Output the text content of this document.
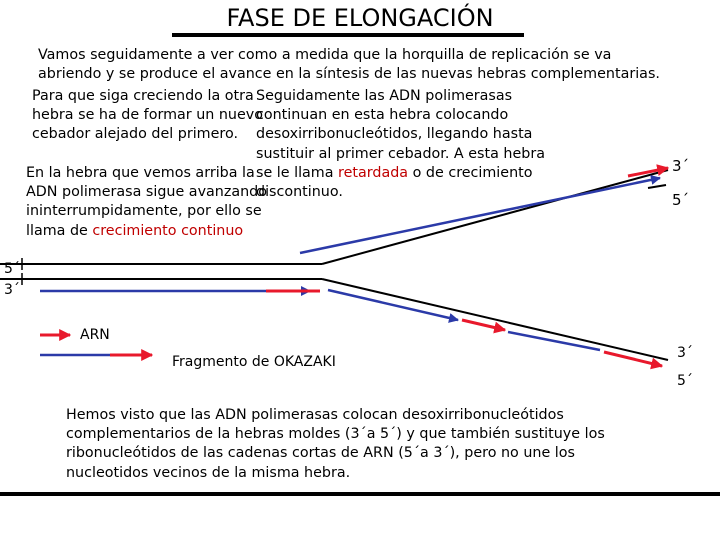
FASE DE ELONGACIÓN
Vamos seguidamente a ver como a medida que la horquilla de replicación se va
abriendo y se produce el avance en la síntesis de las nuevas hebras complementarias.
Para que siga creciendo la otra
hebra se ha de formar un nuevo
cebador alejado del primero.
Seguidamente las ADN polimerasas
continuan en esta hebra colocando
desoxirribonucleótidos, llegando hasta
sustituir al primer cebador. A esta hebra
se le llama retardada o de crecimiento
discontinuo.
En la hebra que vemos arriba la
ADN polimerasa sigue avanzando
ininterrumpidamente, por ello se
llama de crecimiento continuo
5´
3´
3´
5´
3´
5´
ARN
Fragmento de OKAZAKI
Hemos visto que las ADN polimerasas colocan desoxirribonucleótidos
complementarios de la hebras moldes (3´a 5´) y que también sustituye los
ribonucleótidos de las cadenas cortas de ARN (5´a 3´), pero no une los
nucleotidos vecinos de la misma hebra.
